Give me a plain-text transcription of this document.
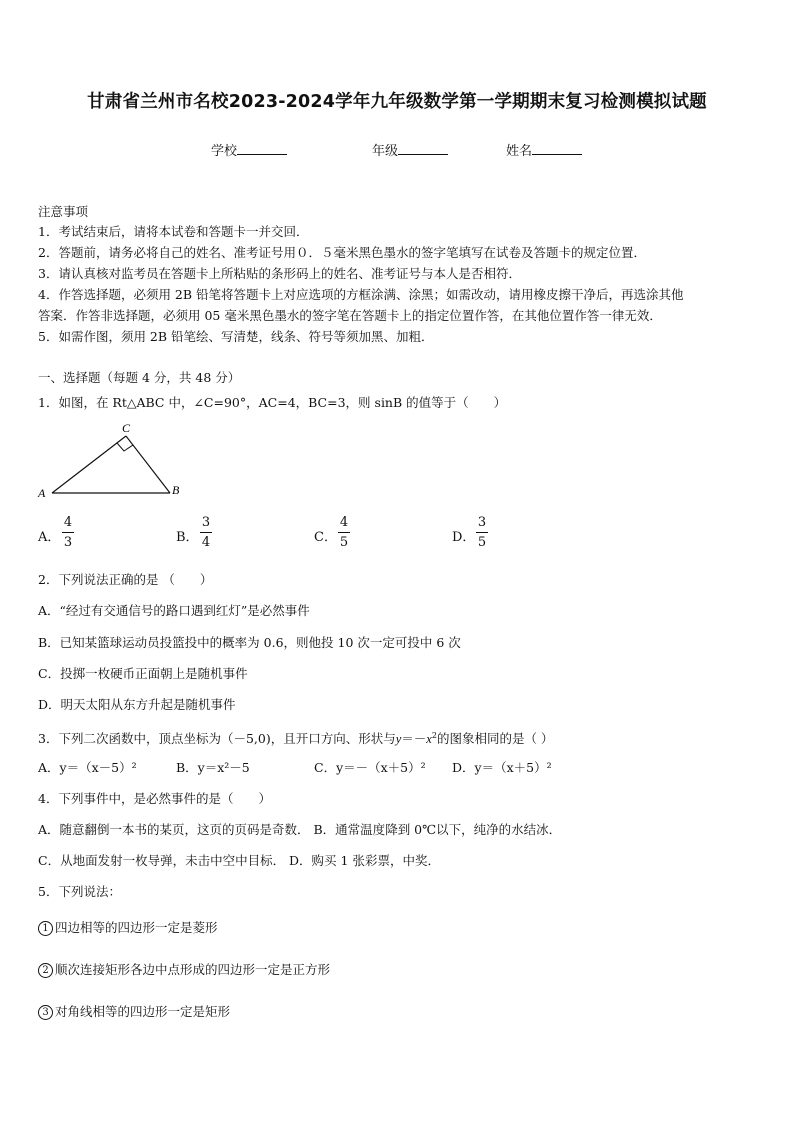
甘肃省兰州市名校2023-2024学年九年级数学第一学期期末复习检测模拟试题
学校	年级	姓名
注意事项
1．考试结束后，请将本试卷和答题卡一并交回．
2．答题前，请务必将自己的姓名、准考证号用０．５毫米黑色墨水的签字笔填写在试卷及答题卡的规定位置．
3．请认真核对监考员在答题卡上所粘贴的条形码上的姓名、准考证号与本人是否相符．
4．作答选择题，必须用 2B 铅笔将答题卡上对应选项的方框涂满、涂黑；如需改动，请用橡皮擦干净后，再选涂其他
答案．作答非选择题，必须用 05 毫米黑色墨水的签字笔在答题卡上的指定位置作答，在其他位置作答一律无效．
5．如需作图，须用 2B 铅笔绘、写清楚，线条、符号等须加黑、加粗．
一、选择题（每题 4 分，共 48 分）
1．如图，在 Rt△ABC 中，∠C=90°，AC=4，BC=3，则 sinB 的值等于（　　）
A	B
C
A．
4
3	B．
3
4	C．
4
5	D．
3
5
2．下列说法正确的是 （　　）
A．“经过有交通信号的路口遇到红灯”是必然事件
B．已知某篮球运动员投篮投中的概率为 0.6，则他投 10 次一定可投中 6 次
C．投掷一枚硬币正面朝上是随机事件
D．明天太阳从东方升起是随机事件
3．下列二次函数中，顶点坐标为（－5,0)，且开口方向、形状与$y=-x^2$的图象相同的是（ ）
A．y＝（x－5）²	B．y＝x²－5	C．y＝－（x＋5）² D．y＝（x＋5）²
4．下列事件中，是必然事件的是（　　）
A．随意翻倒一本书的某页，这页的页码是奇数． B．通常温度降到 0℃以下，纯净的水结冰．
C．从地面发射一枚导弹，未击中空中目标． D．购买 1 张彩票，中奖．
5．下列说法：
1 四边相等的四边形一定是菱形
2 顺次连接矩形各边中点形成的四边形一定是正方形
3 对角线相等的四边形一定是矩形
